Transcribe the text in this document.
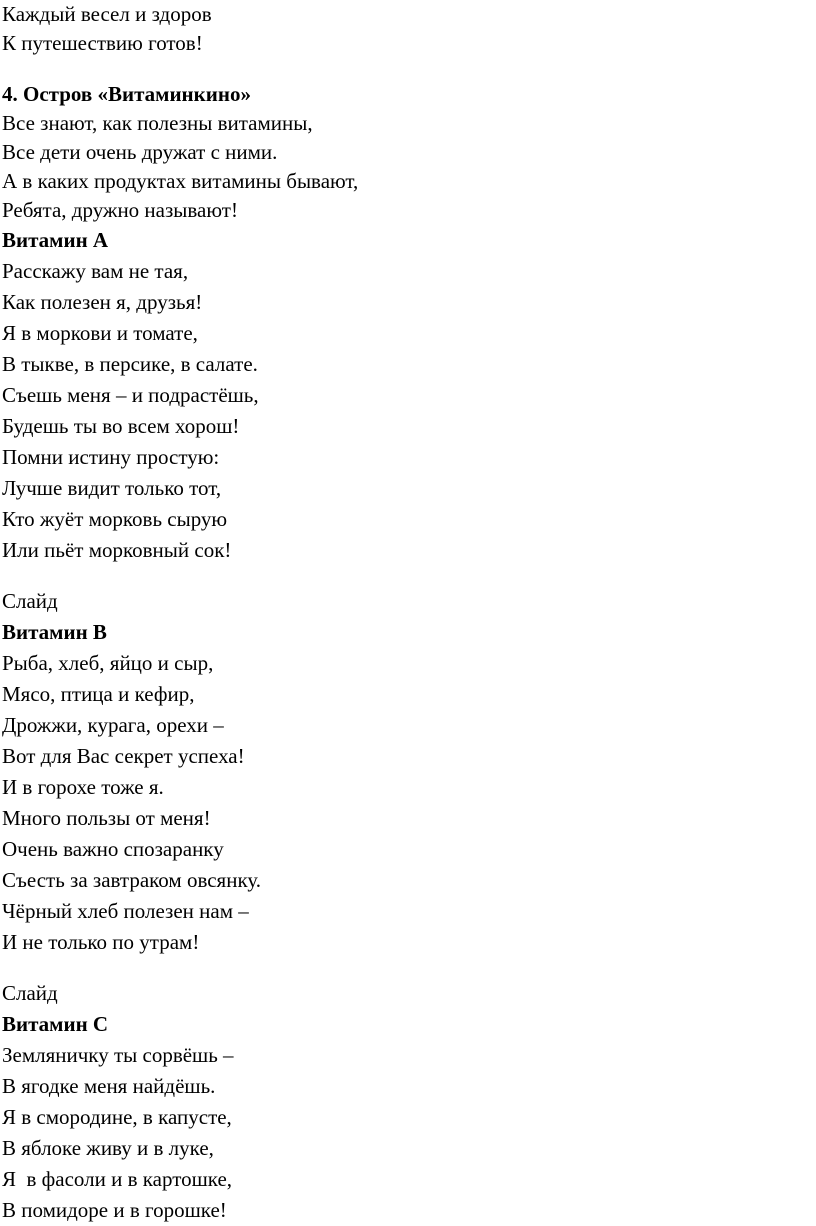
Каждый весел и здоров

К путешествию готов!

4. Остров «Витаминкино»

Все знают, как полезны витамины,

Все дети очень дружат с ними.

А в каких продуктах витамины бывают,

Ребята, дружно называют!

Витамин А

Расскажу вам не тая,

Как полезен я, друзья!

Я в моркови и томате,

В тыкве, в персике, в салате.

Съешь меня – и подрастёшь,

Будешь ты во всем хорош!

Помни истину простую:

Лучше видит только тот,

Кто жуёт морковь сырую

Или пьёт морковный сок!

Слайд

Витамин В

Рыба, хлеб, яйцо и сыр,

Мясо, птица и кефир,

Дрожжи, курага, орехи –

Вот для Вас секрет успеха!

И в горохе тоже я.

Много пользы от меня!

Очень важно спозаранку

Съесть за завтраком овсянку.

Чёрный хлеб полезен нам –

И не только по утрам!

Слайд

Витамин С

Земляничку ты сорвёшь –

В ягодке меня найдёшь.

Я в смородине, в капусте,

В яблоке живу и в луке,

Я  в фасоли и в картошке,

В помидоре и в горошке!
